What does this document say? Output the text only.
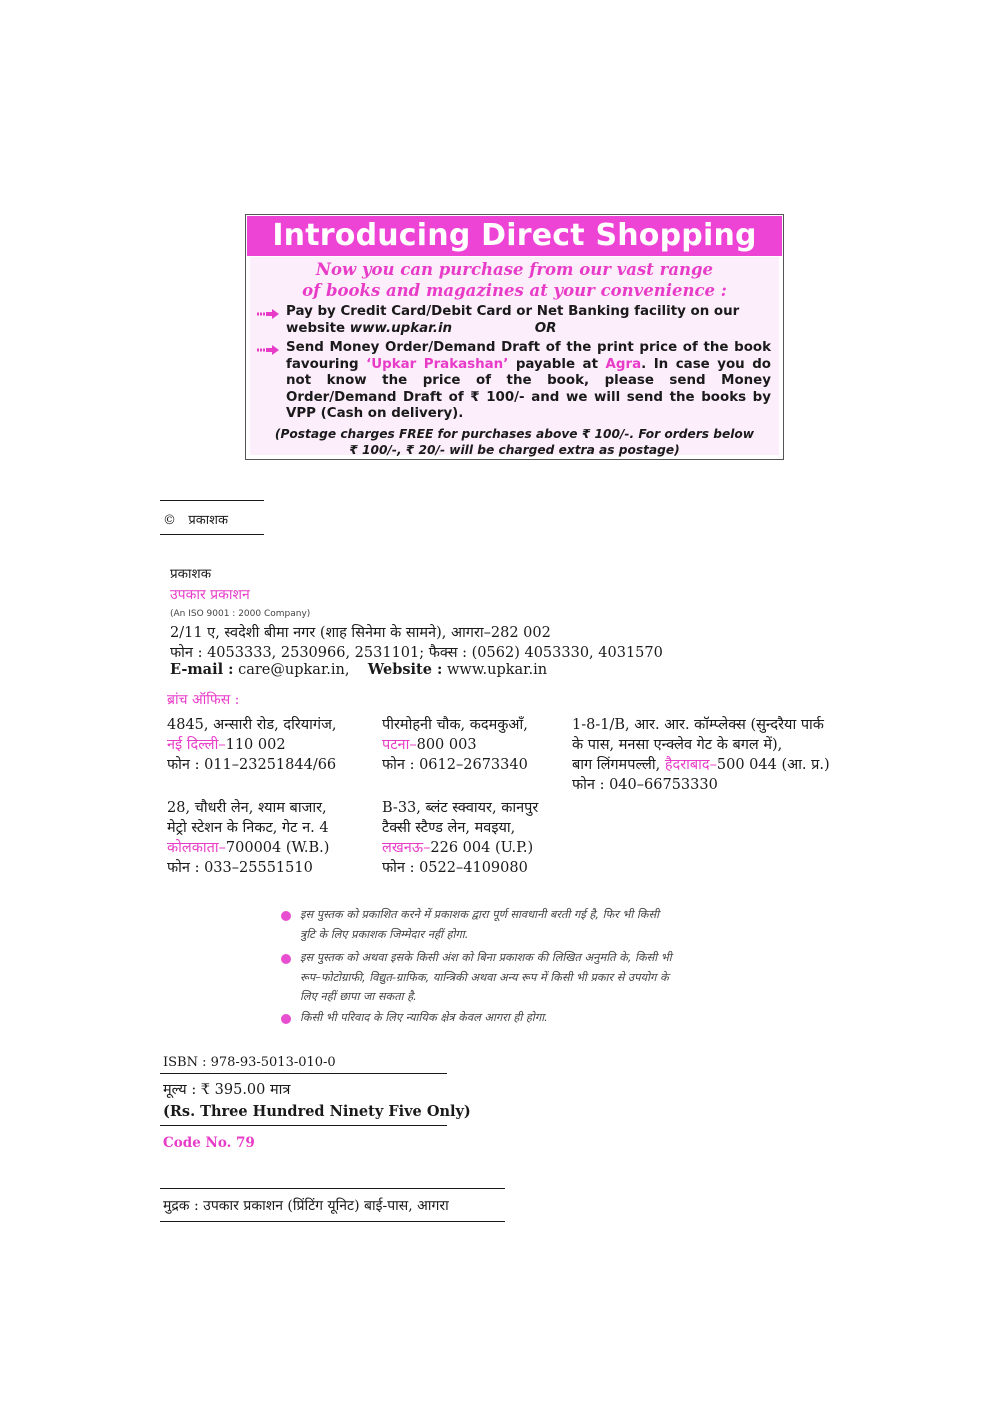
Introducing Direct Shopping
Now you can purchase from our vast range
of books and magazines at your convenience :
Pay by Credit Card/Debit Card or Net Banking facility on our
website www.upkar.in	OR
Send Money Order/Demand Draft of the print price of the book favouring ‘Upkar Prakashan’ payable at Agra. In case you do not know the price of the book, please send Money Order/Demand Draft of ₹ 100/- and we will send the books by VPP (Cash on delivery).
(Postage charges FREE for purchases above ₹ 100/-. For orders below
₹ 100/-, ₹ 20/- will be charged extra as postage)
© प्रकाशक
प्रकाशक
उपकार प्रकाशन
(An ISO 9001 : 2000 Company)
2/11 ए, स्वदेशी बीमा नगर (शाह सिनेमा के सामने), आगरा–282 002
फोन : 4053333, 2530966, 2531101; फैक्स : (0562) 4053330, 4031570
E-mail : care@upkar.in, Website : www.upkar.in
ब्रांच ऑफिस :
4845, अन्सारी रोड, दरियागंज,
नई दिल्ली–110 002
फोन : 011–23251844/66
पीरमोहनी चौक, कदमकुआँ,
पटना–800 003
फोन : 0612–2673340
1-8-1/B, आर. आर. कॉम्प्लेक्स (सुन्दरैया पार्क
के पास, मनसा एन्क्लेव गेट के बगल में),
बाग लिंगमपल्ली, हैदराबाद–500 044 (आ. प्र.)
फोन : 040–66753330
28, चौधरी लेन, श्याम बाजार,
मेट्रो स्टेशन के निकट, गेट न. 4
कोलकाता–700004 (W.B.)
फोन : 033–25551510
B-33, ब्लंट स्क्वायर, कानपुर
टैक्सी स्टैण्ड लेन, मवइया,
लखनऊ–226 004 (U.P.)
फोन : 0522–4109080
इस पुस्तक को प्रकाशित करने में प्रकाशक द्वारा पूर्ण सावधानी बरती गई है, फिर भी किसी
त्रुटि के लिए प्रकाशक जिम्मेदार नहीं होगा.
इस पुस्तक को अथवा इसके किसी अंश को बिना प्रकाशक की लिखित अनुमति के, किसी भी
रूप–फोटोग्राफी, विद्युत-ग्राफिक, यान्त्रिकी अथवा अन्य रूप में किसी भी प्रकार से उपयोग के
लिए नहीं छापा जा सकता है.
किसी भी परिवाद के लिए न्यायिक क्षेत्र केवल आगरा ही होगा.
ISBN : 978-93-5013-010-0
मूल्य : ₹ 395.00 मात्र
(Rs. Three Hundred Ninety Five Only)
Code No. 79
मुद्रक : उपकार प्रकाशन (प्रिंटिंग यूनिट) बाई-पास, आगरा
